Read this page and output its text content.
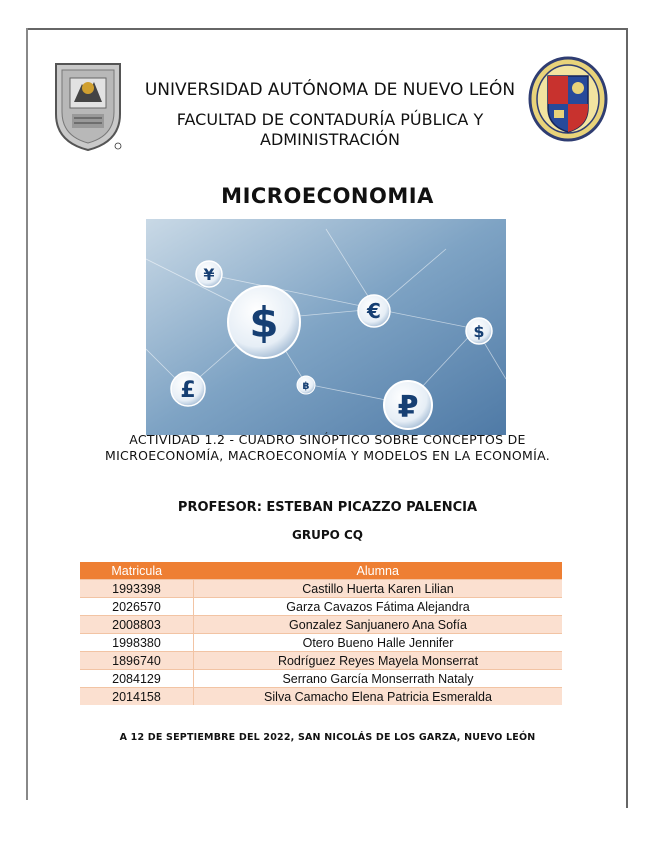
UNIVERSIDAD AUTÓNOMA DE NUEVO LEÓN
FACULTAD DE CONTADURÍA PÚBLICA Y
ADMINISTRACIÓN
MICROECONOMIA
$	€
$
¥
£	₽
฿
ACTIVIDAD 1.2 - CUADRO SINÓPTICO SOBRE CONCEPTOS DE
MICROECONOMÍA, MACROECONOMÍA Y MODELOS EN LA ECONOMÍA.
PROFESOR: ESTEBAN PICAZZO PALENCIA
GRUPO CQ
Matricula	Alumna
1993398	Castillo Huerta Karen Lilian
2026570	Garza Cavazos Fátima Alejandra
2008803	Gonzalez Sanjuanero Ana Sofía
1998380	Otero Bueno Halle Jennifer
1896740	Rodríguez Reyes Mayela Monserrat
2084129	Serrano García Monserrath Nataly
2014158	Silva Camacho Elena Patricia Esmeralda
A 12 DE SEPTIEMBRE DEL 2022, SAN NICOLÁS DE LOS GARZA, NUEVO LEÓN
